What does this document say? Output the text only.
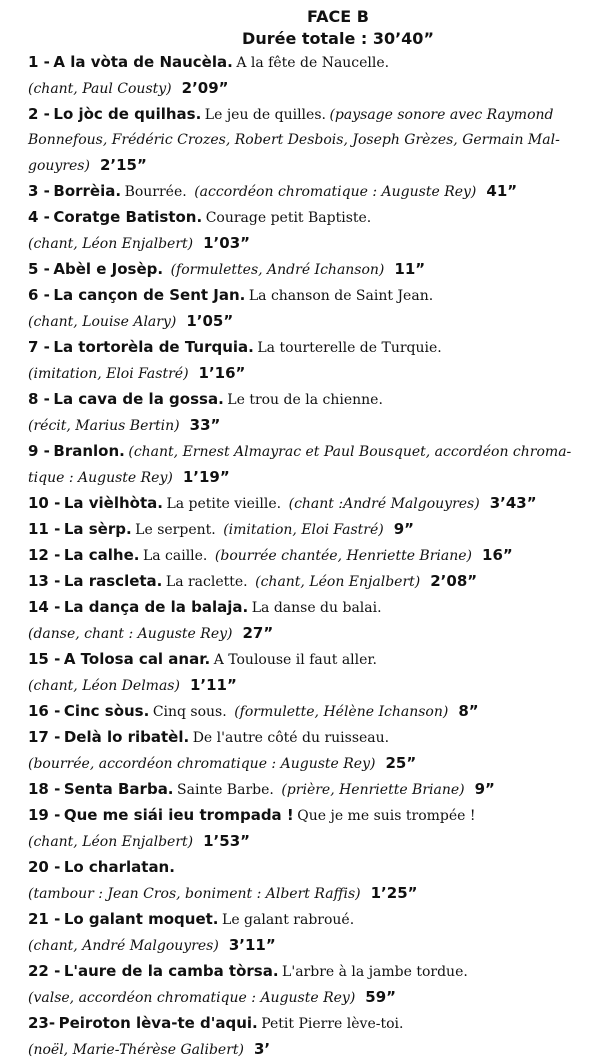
FACE B
Durée totale : 30’40”
1 - A la vòta de Naucèla. A la fête de Naucelle.
(chant, Paul Cousty) 2’09”
2 - Lo jòc de quilhas. Le jeu de quilles. (paysage sonore avec Raymond
Bonnefous, Frédéric Crozes, Robert Desbois, Joseph Grèzes, Germain Mal-
gouyres) 2’15”
3 - Borrèia. Bourrée. (accordéon chromatique : Auguste Rey) 41”
4 - Coratge Batiston. Courage petit Baptiste.
(chant, Léon Enjalbert) 1’03”
5 - Abèl e Josèp. (formulettes, André Ichanson) 11”
6 - La cançon de Sent Jan. La chanson de Saint Jean.
(chant, Louise Alary) 1’05”
7 - La tortorèla de Turquia. La tourterelle de Turquie.
(imitation, Eloi Fastré) 1’16”
8 - La cava de la gossa. Le trou de la chienne.
(récit, Marius Bertin) 33”
9 - Branlon. (chant, Ernest Almayrac et Paul Bousquet, accordéon chroma-
tique : Auguste Rey) 1’19”
10 - La vièlhòta. La petite vieille. (chant :André Malgouyres) 3’43”
11 - La sèrp. Le serpent. (imitation, Eloi Fastré) 9”
12 - La calhe. La caille. (bourrée chantée, Henriette Briane) 16”
13 - La rascleta. La raclette. (chant, Léon Enjalbert) 2’08”
14 - La dança de la balaja. La danse du balai.
(danse, chant : Auguste Rey) 27”
15 - A Tolosa cal anar. A Toulouse il faut aller.
(chant, Léon Delmas) 1’11”
16 - Cinc sòus. Cinq sous. (formulette, Hélène Ichanson) 8”
17 - Delà lo ribatèl. De l'autre côté du ruisseau.
(bourrée, accordéon chromatique : Auguste Rey) 25”
18 - Senta Barba. Sainte Barbe. (prière, Henriette Briane) 9”
19 - Que me siái ieu trompada ! Que je me suis trompée !
(chant, Léon Enjalbert) 1’53”
20 - Lo charlatan.
(tambour : Jean Cros, boniment : Albert Raffis) 1’25”
21 - Lo galant moquet. Le galant rabroué.
(chant, André Malgouyres) 3’11”
22 - L'aure de la camba tòrsa. L'arbre à la jambe tordue.
(valse, accordéon chromatique : Auguste Rey) 59”
23- Peiroton lèva-te d'aqui. Petit Pierre lève-toi.
(noël, Marie-Thérèse Galibert) 3’
